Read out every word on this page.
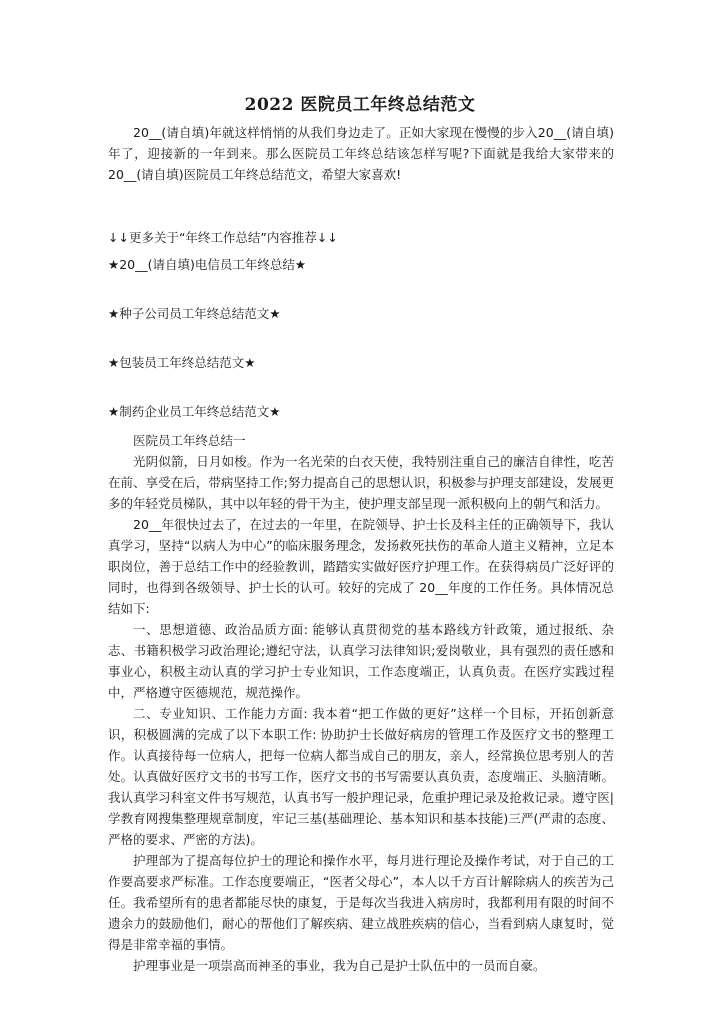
2022 医院员工年终总结范文

20__(请自填)年就这样悄悄的从我们身边走了。正如大家现在慢慢的步入20__(请自填)年了，迎接新的一年到来。那么医院员工年终总结该怎样写呢?下面就是我给大家带来的 20__(请自填)医院员工年终总结范文，希望大家喜欢!

↓↓更多关于“年终工作总结”内容推荐↓↓

★20__(请自填)电信员工年终总结★

★种子公司员工年终总结范文★

★包装员工年终总结范文★

★制药企业员工年终总结范文★

医院员工年终总结一

光阴似箭，日月如梭。作为一名光荣的白衣天使，我特别注重自己的廉洁自律性，吃苦在前、享受在后，带病坚持工作;努力提高自己的思想认识，积极参与护理支部建设，发展更多的年轻党员梯队，其中以年轻的骨干为主，使护理支部呈现一派积极向上的朝气和活力。

20__年很快过去了，在过去的一年里，在院领导、护士长及科主任的正确领导下，我认真学习，坚持“以病人为中心”的临床服务理念，发扬救死扶伤的革命人道主义精神，立足本职岗位，善于总结工作中的经验教训，踏踏实实做好医疗护理工作。在获得病员广泛好评的同时，也得到各级领导、护士长的认可。较好的完成了 20__年度的工作任务。具体情况总结如下:

一、思想道德、政治品质方面: 能够认真贯彻党的基本路线方针政策，通过报纸、杂志、书籍积极学习政治理论;遵纪守法，认真学习法律知识;爱岗敬业，具有强烈的责任感和事业心，积极主动认真的学习护士专业知识，工作态度端正，认真负责。在医疗实践过程中，严格遵守医德规范，规范操作。

二、专业知识、工作能力方面: 我本着“把工作做的更好”这样一个目标，开拓创新意识，积极圆满的完成了以下本职工作: 协助护士长做好病房的管理工作及医疗文书的整理工作。认真接待每一位病人，把每一位病人都当成自己的朋友，亲人，经常换位思考别人的苦处。认真做好医疗文书的书写工作，医疗文书的书写需要认真负责，态度端正、头脑清晰。我认真学习科室文件书写规范，认真书写一般护理记录，危重护理记录及抢救记录。遵守医|学教育网搜集整理规章制度，牢记三基(基础理论、基本知识和基本技能)三严(严肃的态度、严格的要求、严密的方法)。

护理部为了提高每位护士的理论和操作水平，每月进行理论及操作考试，对于自己的工作要高要求严标准。工作态度要端正，“医者父母心”，本人以千方百计解除病人的疾苦为己任。我希望所有的患者都能尽快的康复，于是每次当我进入病房时，我都利用有限的时间不遗余力的鼓励他们，耐心的帮他们了解疾病、建立战胜疾病的信心，当看到病人康复时，觉得是非常幸福的事情。

护理事业是一项崇高而神圣的事业，我为自己是护士队伍中的一员而自豪。
